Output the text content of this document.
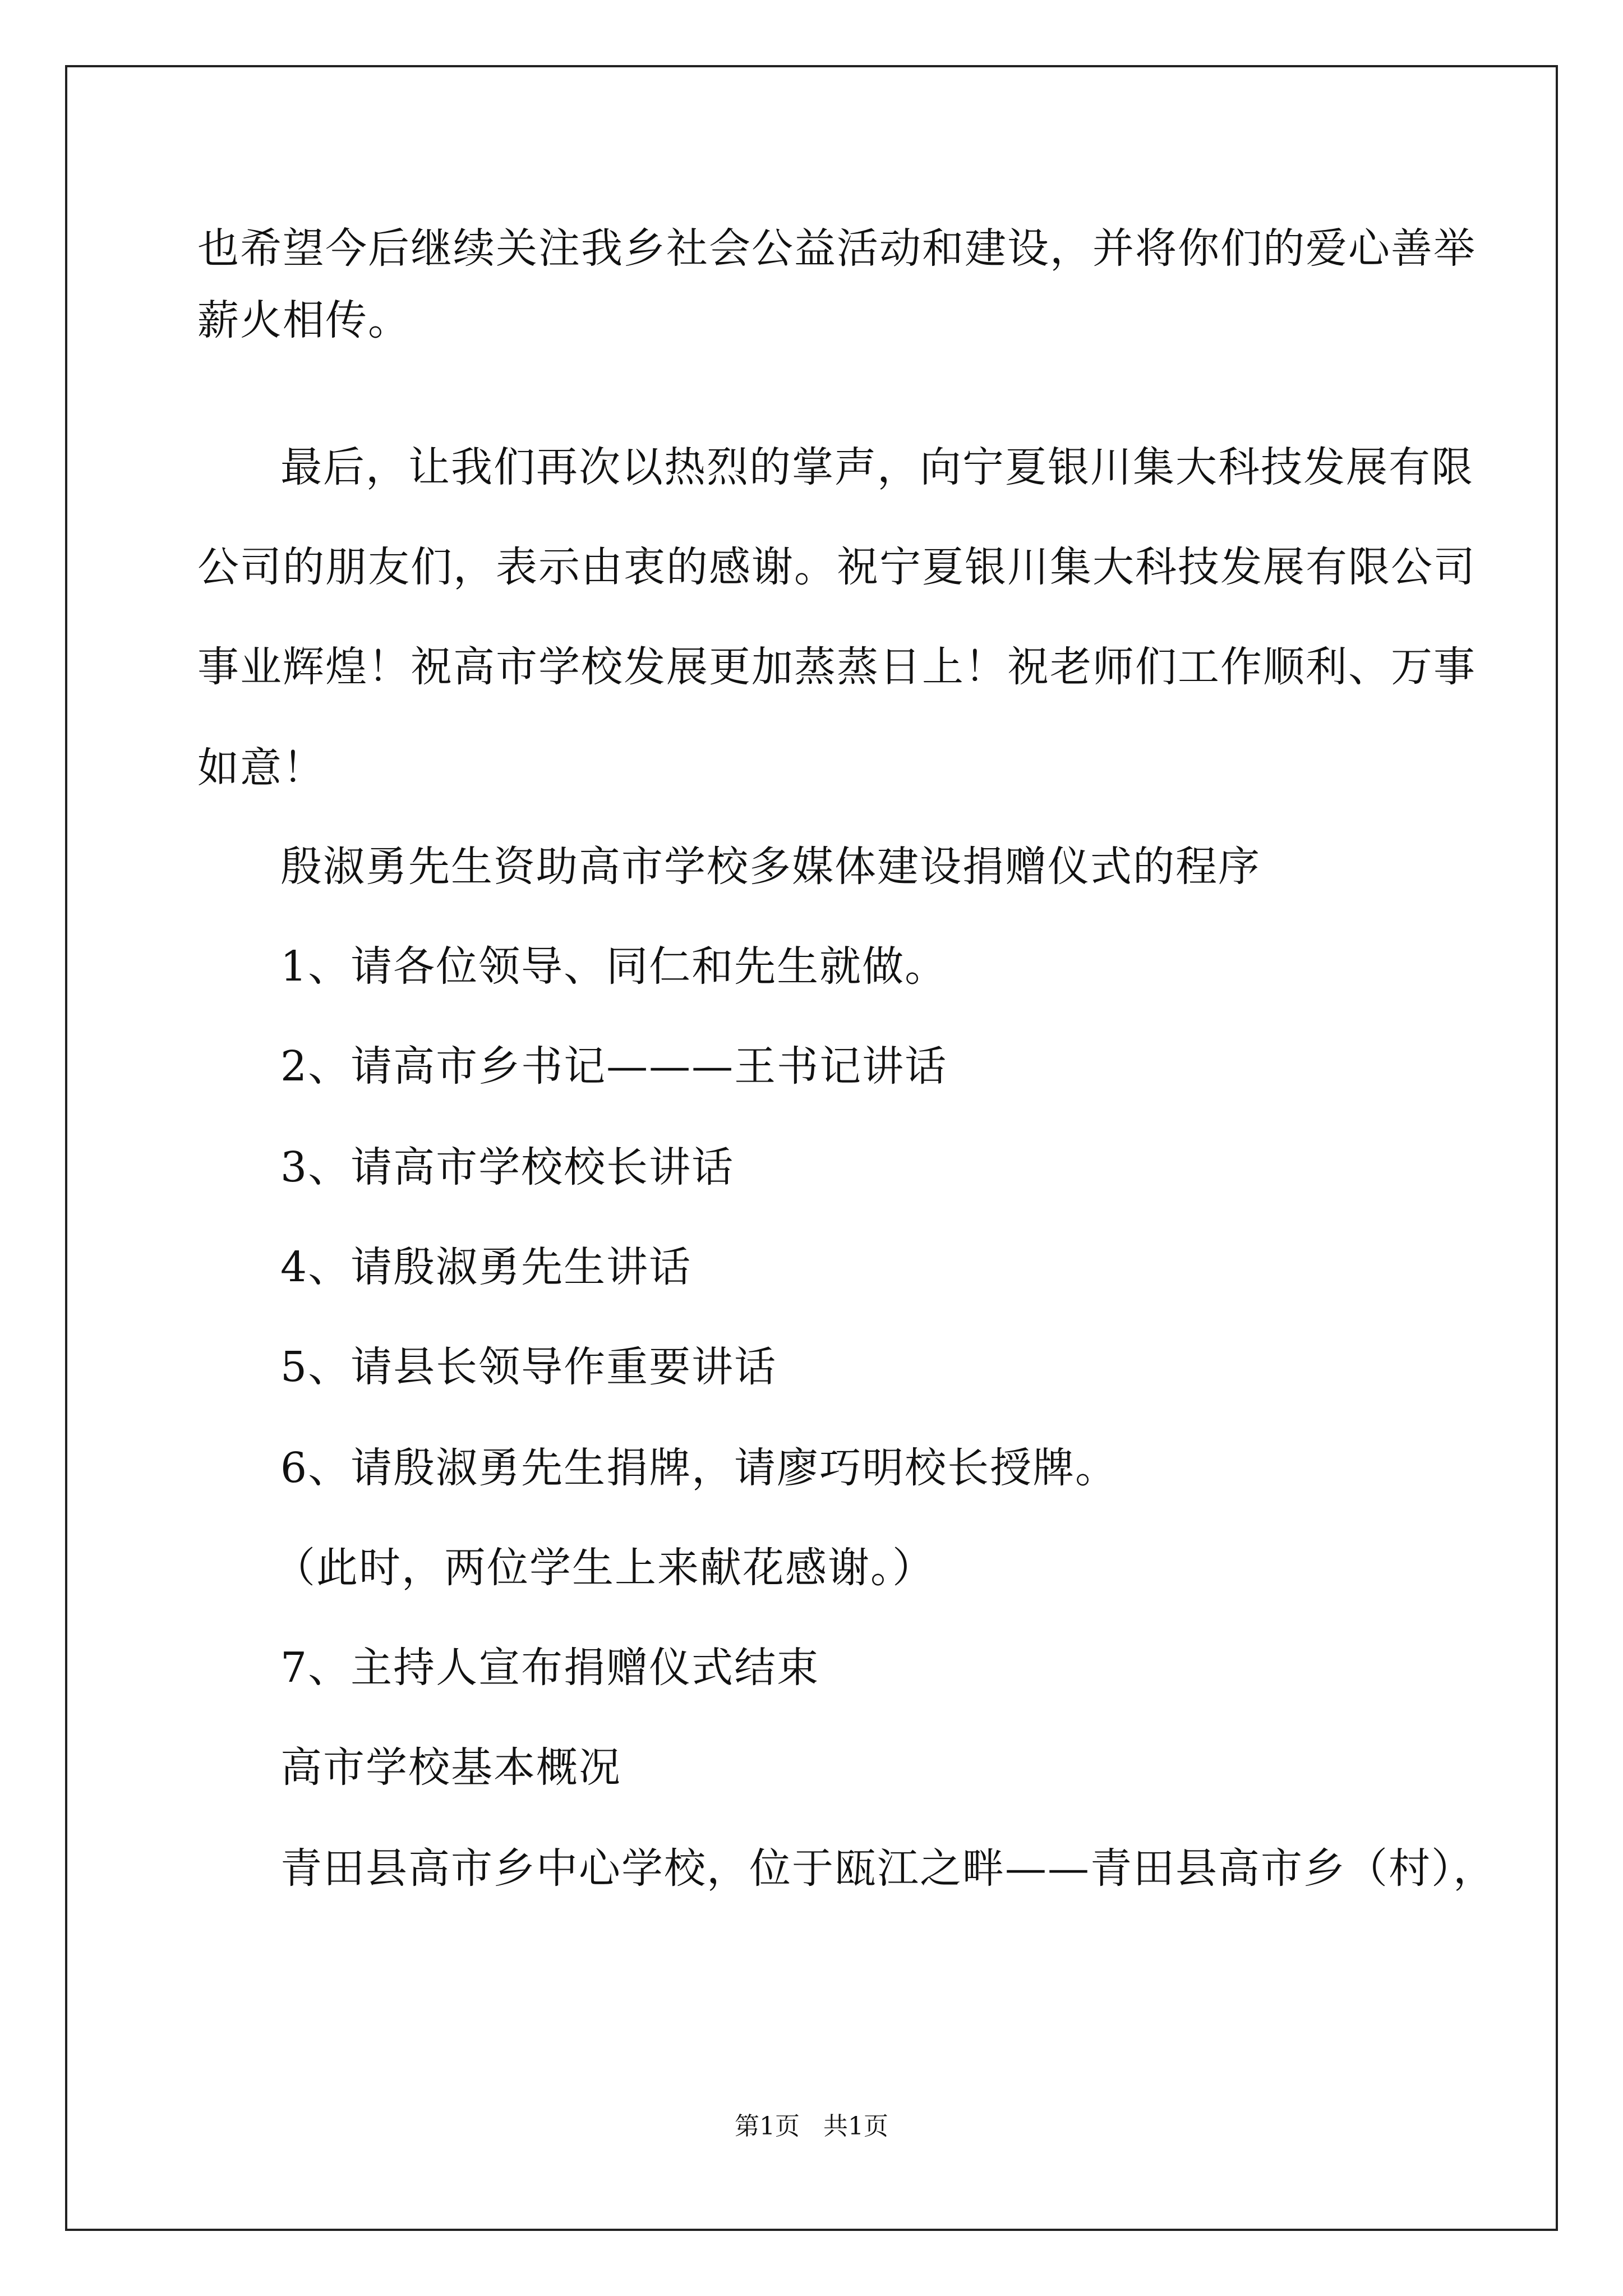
也希望今后继续关注我乡社会公益活动和建设，并将你们的爱心善举
薪火相传。
最后，让我们再次以热烈的掌声，向宁夏银川集大科技发展有限
公司的朋友们，表示由衷的感谢。祝宁夏银川集大科技发展有限公司
事业辉煌！祝高市学校发展更加蒸蒸日上！祝老师们工作顺利、万事
如意！
殷淑勇先生资助高市学校多媒体建设捐赠仪式的程序
1、请各位领导、同仁和先生就做。
2、请高市乡书记———王书记讲话
3、请高市学校校长讲话
4、请殷淑勇先生讲话
5、请县长领导作重要讲话
6、请殷淑勇先生捐牌，请廖巧明校长授牌。
（此时，两位学生上来献花感谢。）
7、主持人宣布捐赠仪式结束
高市学校基本概况
青田县高市乡中心学校，位于瓯江之畔——青田县高市乡（村），
第1页   共1页
